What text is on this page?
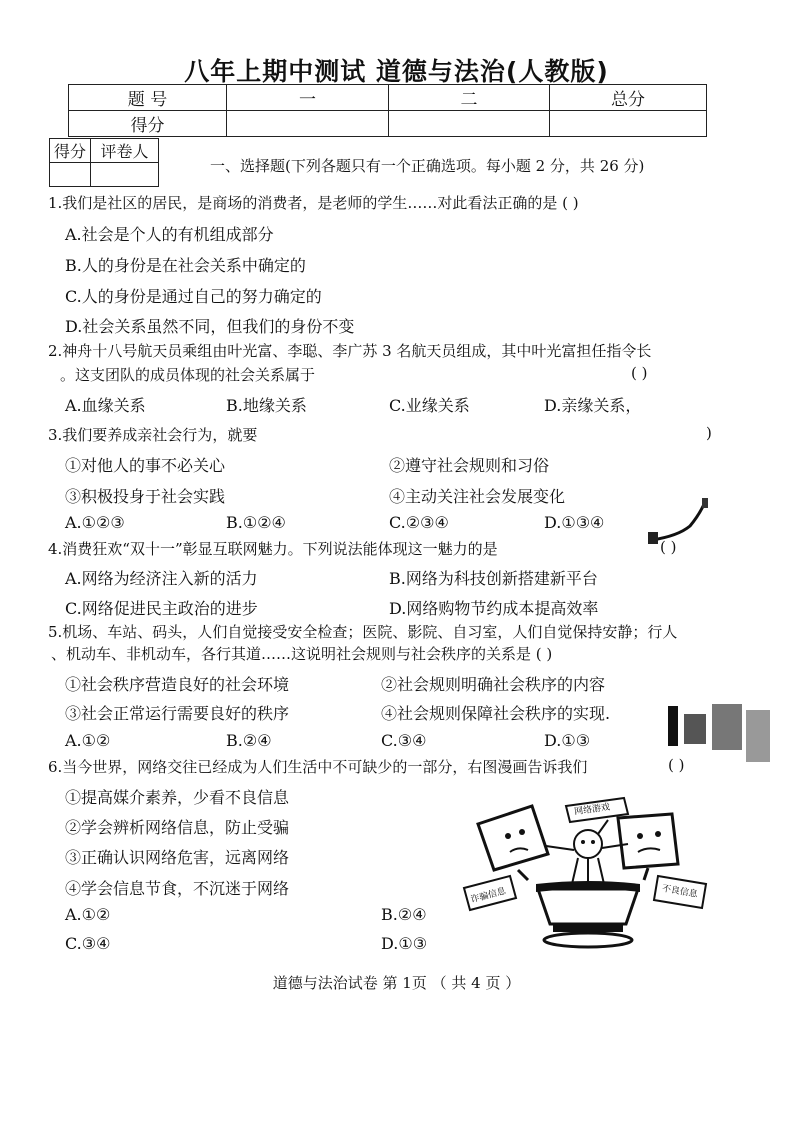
八年上期中测试 道德与法治(人教版)
题 号	一	二	总分
得分			
得分	评卷人

一、选择题(下列各题只有一个正确选项。每小题 2 分，共 26 分)
1.我们是社区的居民，是商场的消费者，是老师的学生……对此看法正确的是 ( )
A.社会是个人的有机组成部分
B.人的身份是在社会关系中确定的
C.人的身份是通过自己的努力确定的
D.社会关系虽然不同，但我们的身份不变
2.神舟十八号航天员乘组由叶光富、李聪、李广苏 3 名航天员组成，其中叶光富担任指令长
。这支团队的成员体现的社会关系属于	( )
A.血缘关系	B.地缘关系	C.业缘关系	D.亲缘关系，
3.我们要养成亲社会行为，就要	)
①对他人的事不必关心	②遵守社会规则和习俗
③积极投身于社会实践	④主动关注社会发展变化
A.①②③	B.①②④	C.②③④	D.①③④
4.消费狂欢“双十一”彰显互联网魅力。下列说法能体现这一魅力的是	( )
A.网络为经济注入新的活力	B.网络为科技创新搭建新平台
C.网络促进民主政治的进步	D.网络购物节约成本提高效率
5.机场、车站、码头，人们自觉接受安全检查；医院、影院、自习室，人们自觉保持安静；行人
、机动车、非机动车，各行其道……这说明社会规则与社会秩序的关系是 ( )
①社会秩序营造良好的社会环境	②社会规则明确社会秩序的内容
③社会正常运行需要良好的秩序	④社会规则保障社会秩序的实现.
A.①②	B.②④	C.③④	D.①③
6.当今世界，网络交往已经成为人们生活中不可缺少的一部分，右图漫画告诉我们	( )
①提高媒介素养，少看不良信息
②学会辨析网络信息，防止受骗
③正确认识网络危害，远离网络
④学会信息节食，不沉迷于网络
A.①②	B.②④
C.③④	D.①③
网络游戏
不良信息
诈骗信息
道德与法治试卷 第 1页 （ 共 4 页 ）
